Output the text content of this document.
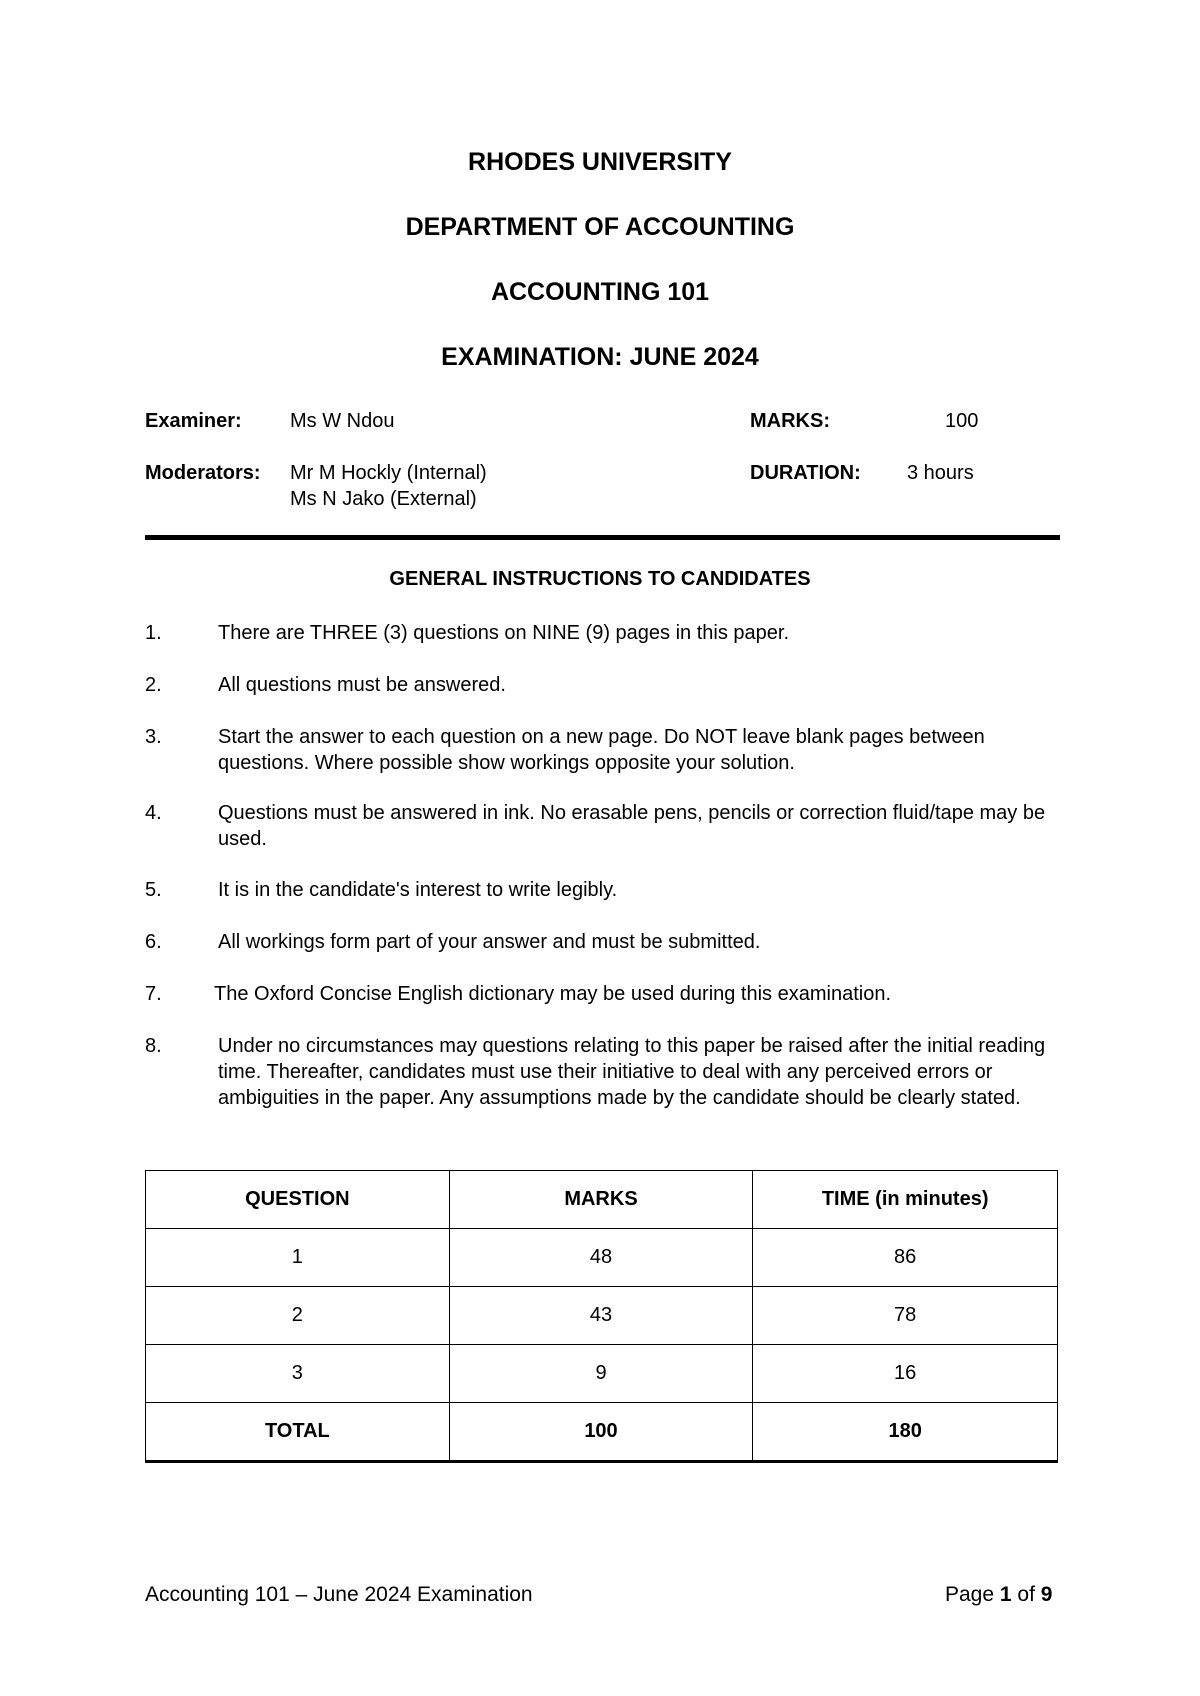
RHODES UNIVERSITY
DEPARTMENT OF ACCOUNTING
ACCOUNTING 101
EXAMINATION: JUNE 2024
Examiner: Ms W Ndou	MARKS:	100
Moderators: Mr M Hockly (Internal)
Ms N Jako (External)
DURATION: 3 hours
GENERAL INSTRUCTIONS TO CANDIDATES
1.	There are THREE (3) questions on NINE (9) pages in this paper.
2.	All questions must be answered.
3.	Start the answer to each question on a new page. Do NOT leave blank pages between questions. Where possible show workings opposite your solution.
4.	Questions must be answered in ink. No erasable pens, pencils or correction fluid/tape may be used.
5.	It is in the candidate's interest to write legibly.
6.	All workings form part of your answer and must be submitted.
7.	The Oxford Concise English dictionary may be used during this examination.
8.	Under no circumstances may questions relating to this paper be raised after the initial reading time. Thereafter, candidates must use their initiative to deal with any perceived errors or ambiguities in the paper. Any assumptions made by the candidate should be clearly stated.
QUESTION	MARKS	TIME (in minutes)
1	48	86
2	43	78
3	9	16
TOTAL	100	180
Accounting 101 – June 2024 Examination	Page 1 of 9
